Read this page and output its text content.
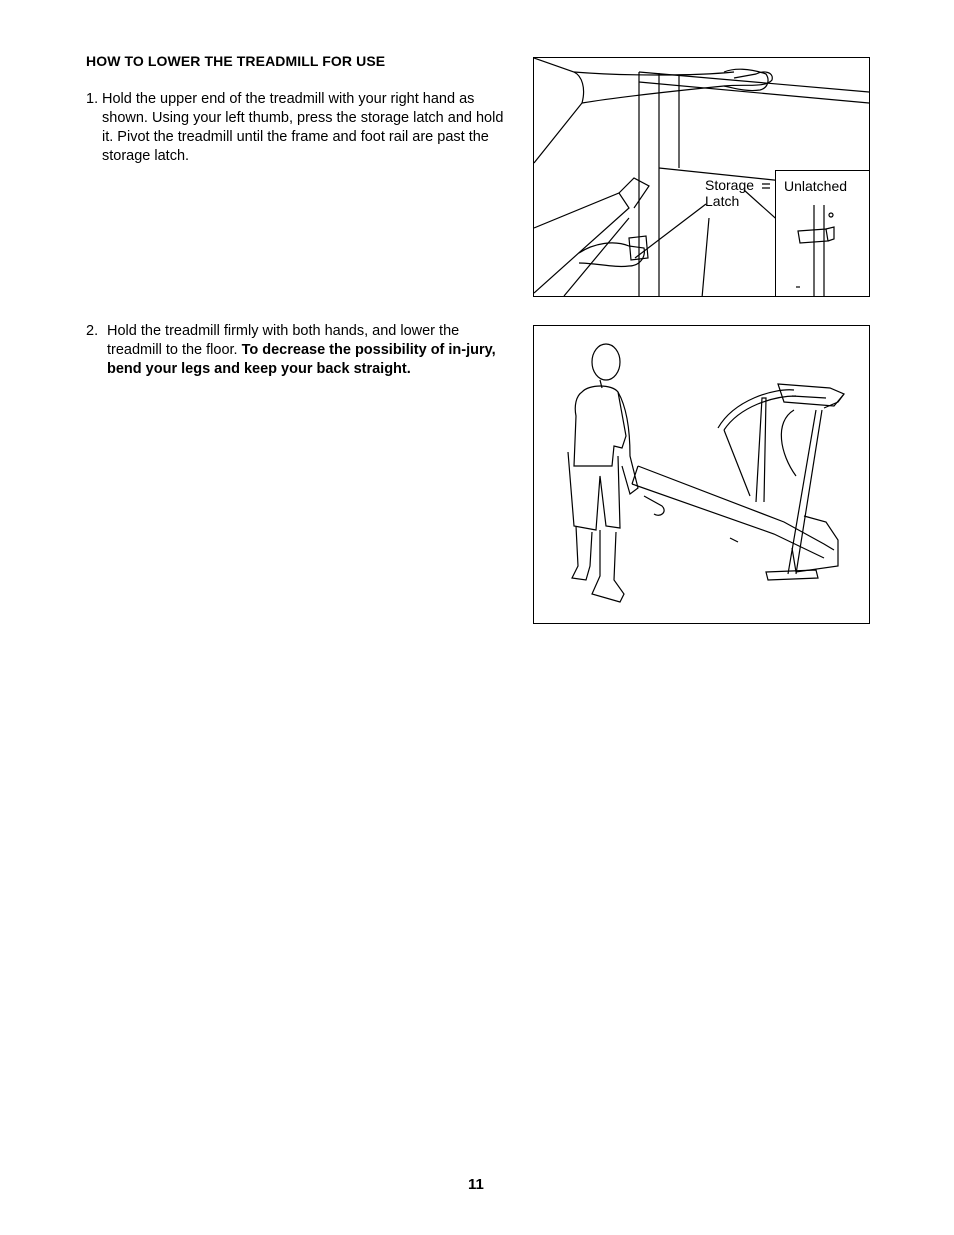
HOW TO LOWER THE TREADMILL FOR USE
1. Hold the upper end of the treadmill with your right hand as shown. Using your left thumb, press the storage latch and hold it. Pivot the treadmill until the frame and foot rail are past the storage latch.
2. Hold the treadmill firmly with both hands, and lower the treadmill to the floor. To decrease the possibility of in-jury, bend your legs and keep your back straight.
Storage
Latch
Unlatched
11
